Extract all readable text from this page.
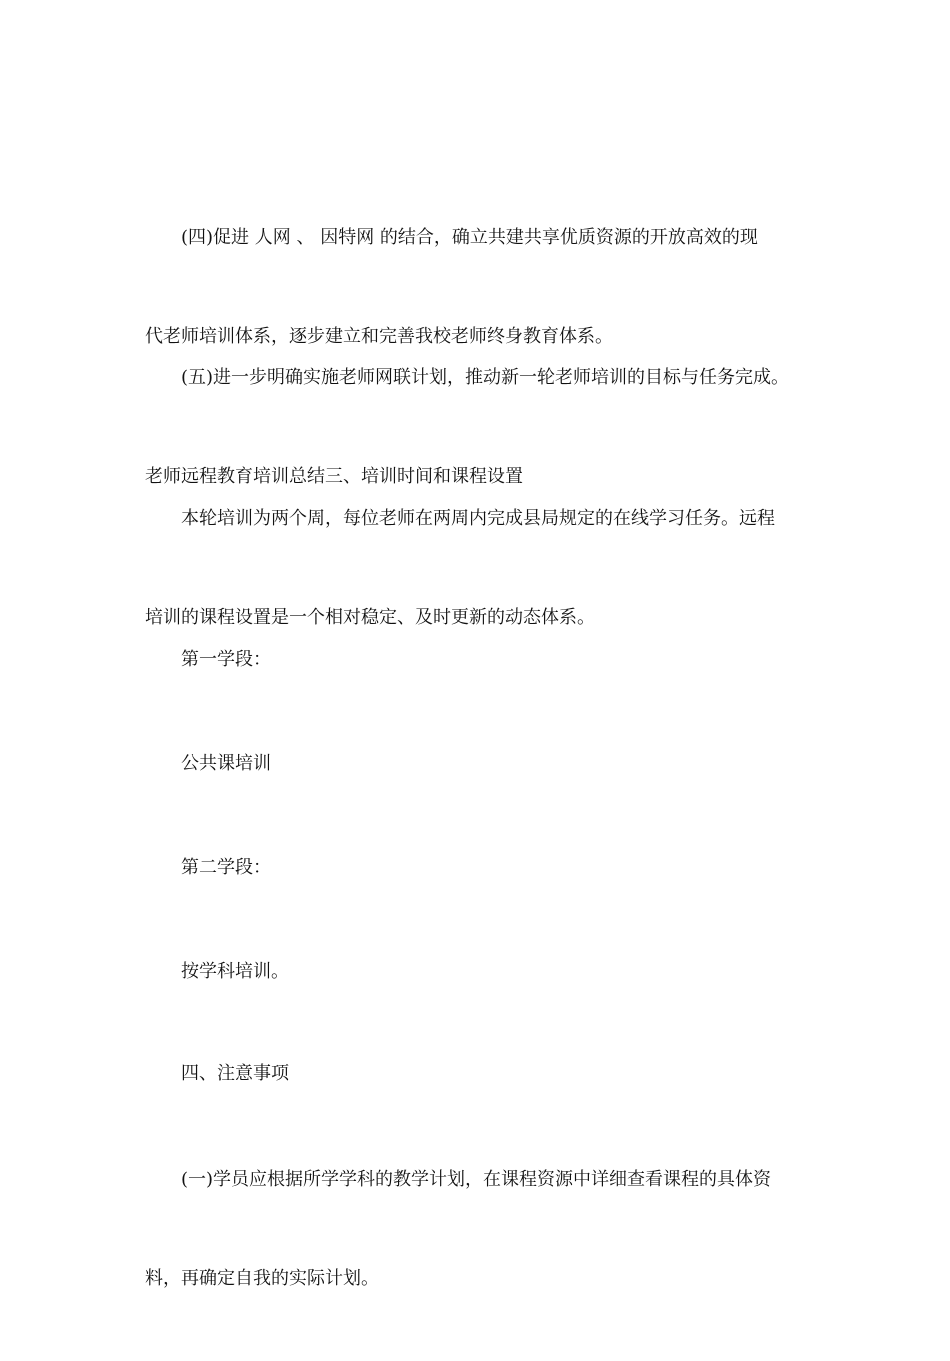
　　(四)促进 人网 、 因特网 的结合，确立共建共享优质资源的开放高效的现

代老师培训体系，逐步建立和完善我校老师终身教育体系。

　　(五)进一步明确实施老师网联计划，推动新一轮老师培训的目标与任务完成。

老师远程教育培训总结三、培训时间和课程设置

　　本轮培训为两个周，每位老师在两周内完成县局规定的在线学习任务。远程

培训的课程设置是一个相对稳定、及时更新的动态体系。

　　第一学段：

　　公共课培训

　　第二学段：

　　按学科培训。

　　四、注意事项

　　(一)学员应根据所学学科的教学计划，在课程资源中详细查看课程的具体资

料，再确定自我的实际计划。
